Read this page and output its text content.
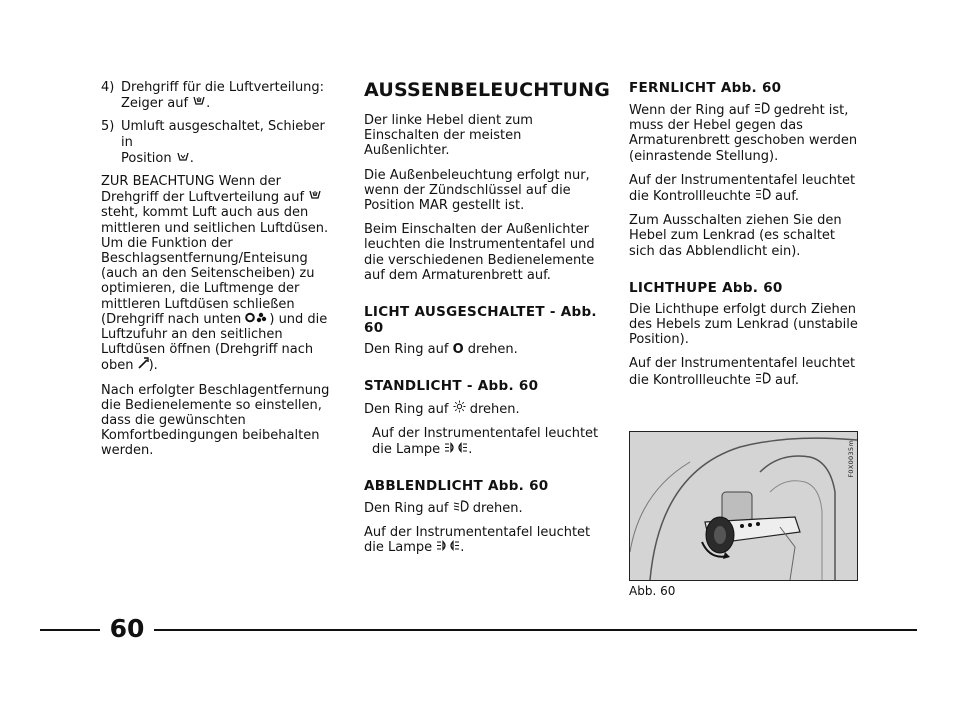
4) Drehgriff für die Luftverteilung:
Zeiger auf .
5) Umluft ausgeschaltet, Schieber in
Position .

ZUR BEACHTUNG Wenn der Drehgriff der Luftverteilung auf  steht, kommt Luft auch aus den mittleren und seitlichen Luftdüsen. Um die Funktion der Beschlagsentfernung/Enteisung (auch an den Seitenscheiben) zu optimieren, die Luftmenge der mittleren Luftdüsen schließen (Drehgriff nach unten ) und die Luftzufuhr an den seitlichen Luftdüsen öffnen (Drehgriff nach oben ).

Nach erfolgter Beschlagentfernung die Bedienelemente so einstellen, dass die gewünschten Komfortbedingungen beibehalten werden.

AUSSENBELEUCHTUNG

Der linke Hebel dient zum Einschalten der meisten Außenlichter.

Die Außenbeleuchtung erfolgt nur, wenn der Zündschlüssel auf die Position MAR gestellt ist.

Beim Einschalten der Außenlichter leuchten die Instrumententafel und die verschiedenen Bedienelemente auf dem Armaturenbrett auf.

LICHT AUSGESCHALTET - Abb. 60

Den Ring auf O drehen.

STANDLICHT - Abb. 60

Den Ring auf drehen.

Auf der Instrumententafel leuchtet die Lampe .

ABBLENDLICHT Abb. 60

Den Ring auf drehen.

Auf der Instrumententafel leuchtet die Lampe .

FERNLICHT Abb. 60

Wenn der Ring auf gedreht ist, muss der Hebel gegen das Armaturenbrett geschoben werden (einrastende Stellung).

Auf der Instrumententafel leuchtet die Kontrollleuchte auf.

Zum Ausschalten ziehen Sie den Hebel zum Lenkrad (es schaltet sich das Abblendlicht ein).

LICHTHUPE Abb. 60

Die Lichthupe erfolgt durch Ziehen des Hebels zum Lenkrad (unstabile Position).

Auf der Instrumententafel leuchtet die Kontrollleuchte auf.

F0X0035m
Abb. 60
60
